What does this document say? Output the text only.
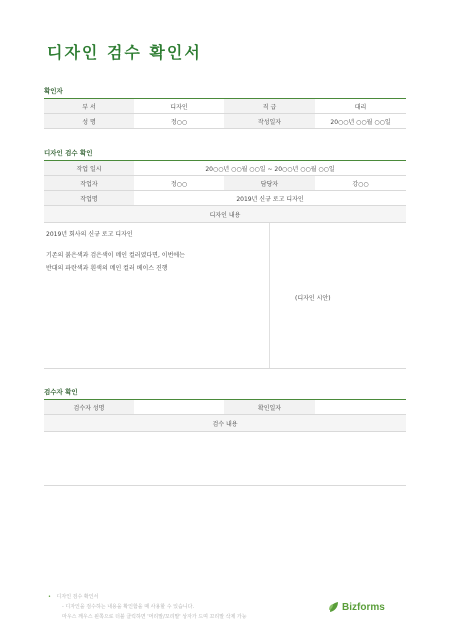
디자인 검수 확인서
확인자
부 서	디자인	직 급	대리
성 명	정○○	작성일자	20○○년 ○○월 ○○일
디자인 검수 확인
작업 일시	20○○년 ○○월 ○○일 ~ 20○○년 ○○월 ○○일		
작업자	정○○	담당자	강○○
작업명	2019년 신규 로고 디자인		
디자인 내용			
2019년 회사의 신규 로고 디자인
기존의 붉은색과 검은색이 메인 컬러였다면, 이번에는
반대의 파란색과 흰색의 메인 컬러 베이스 진행
(디자인 시안)
검수자 확인
검수자 성명		확인일자	
검수 내용
• 디자인 검수 확인서
- 디자인을 검수하는 내용을 확인함을 때 사용할 수 있습니다.
마우스 깨우스 왼쪽으로 더블 클릭하면 '머리말/꼬리말' 상자가 드며 꼬리말 삭제 가능
Bizforms
